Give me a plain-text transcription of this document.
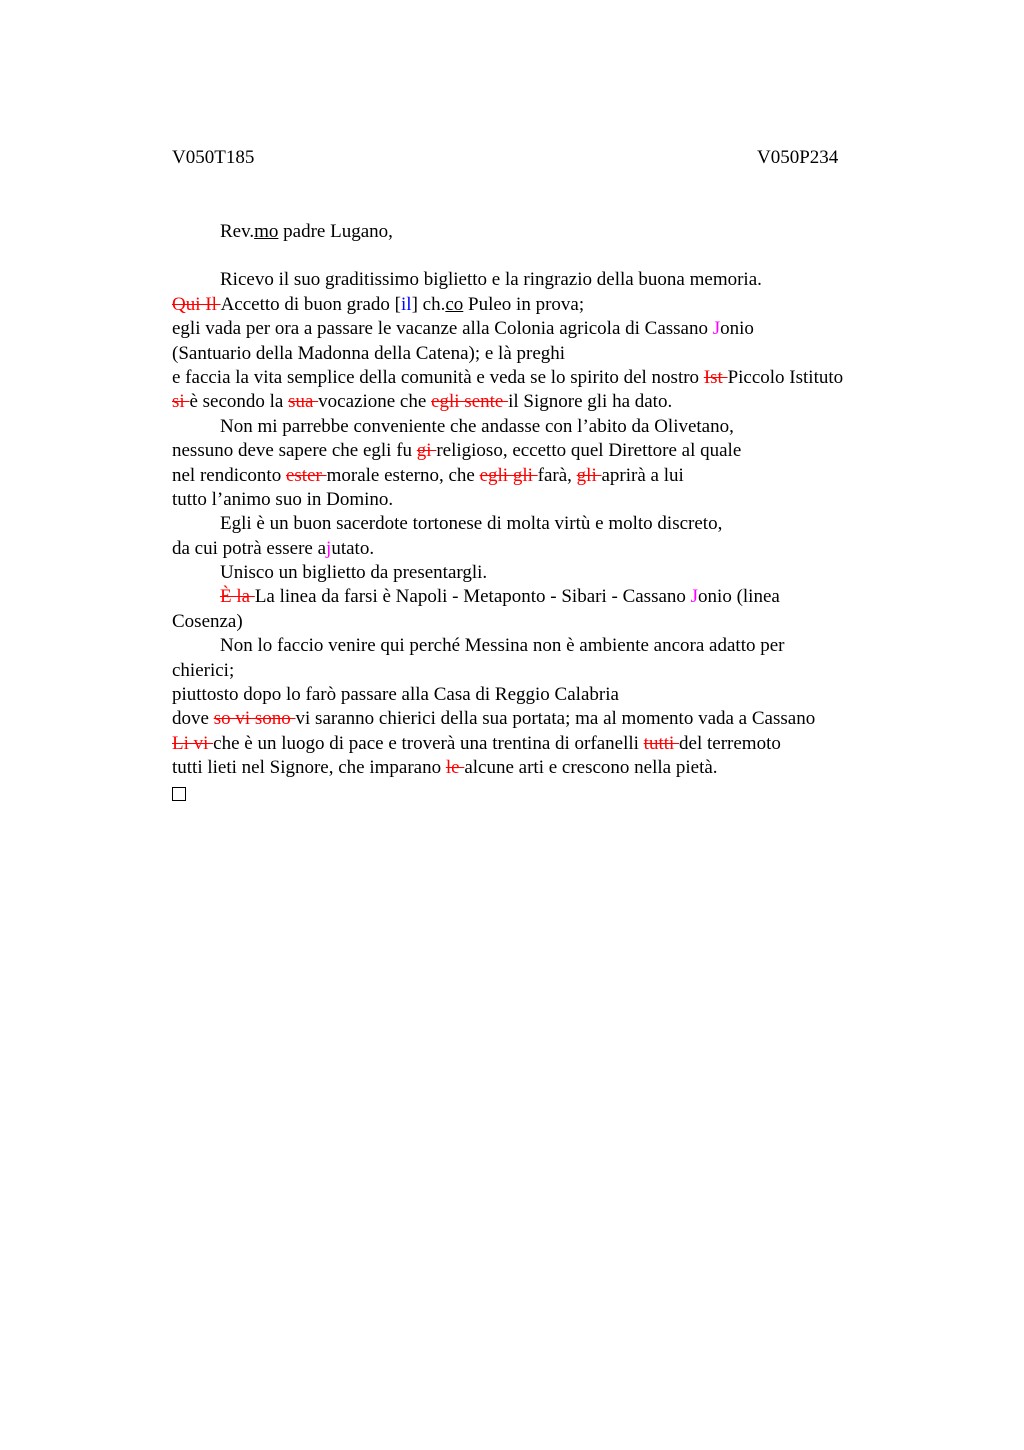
V050T185	V050P234
Rev.mo padre Lugano,
Ricevo il suo graditissimo biglietto e la ringrazio della buona memoria.
Qui Il Accetto di buon grado [il] ch.co Puleo in prova;
egli vada per ora a passare le vacanze alla Colonia agricola di Cassano Jonio
(Santuario della Madonna della Catena); e là preghi
e faccia la vita semplice della comunità e veda se lo spirito del nostro Ist Piccolo Istituto
si è secondo la sua vocazione che egli sente il Signore gli ha dato.
Non mi parrebbe conveniente che andasse con l’abito da Olivetano,
nessuno deve sapere che egli fu gi religioso, eccetto quel Direttore al quale
nel rendiconto ester morale esterno, che egli gli farà, gli aprirà a lui
tutto l’animo suo in Domino.
Egli è un buon sacerdote tortonese di molta virtù e molto discreto,
da cui potrà essere ajutato.
Unisco un biglietto da presentargli.
È la La linea da farsi è Napoli - Metaponto - Sibari - Cassano Jonio (linea
Cosenza)
Non lo faccio venire qui perché Messina non è ambiente ancora adatto per
chierici;
piuttosto dopo lo farò passare alla Casa di Reggio Calabria
dove so vi sono vi saranno chierici della sua portata; ma al momento vada a Cassano
Li vi che è un luogo di pace e troverà una trentina di orfanelli tutti del terremoto
tutti lieti nel Signore, che imparano le alcune arti e crescono nella pietà.
